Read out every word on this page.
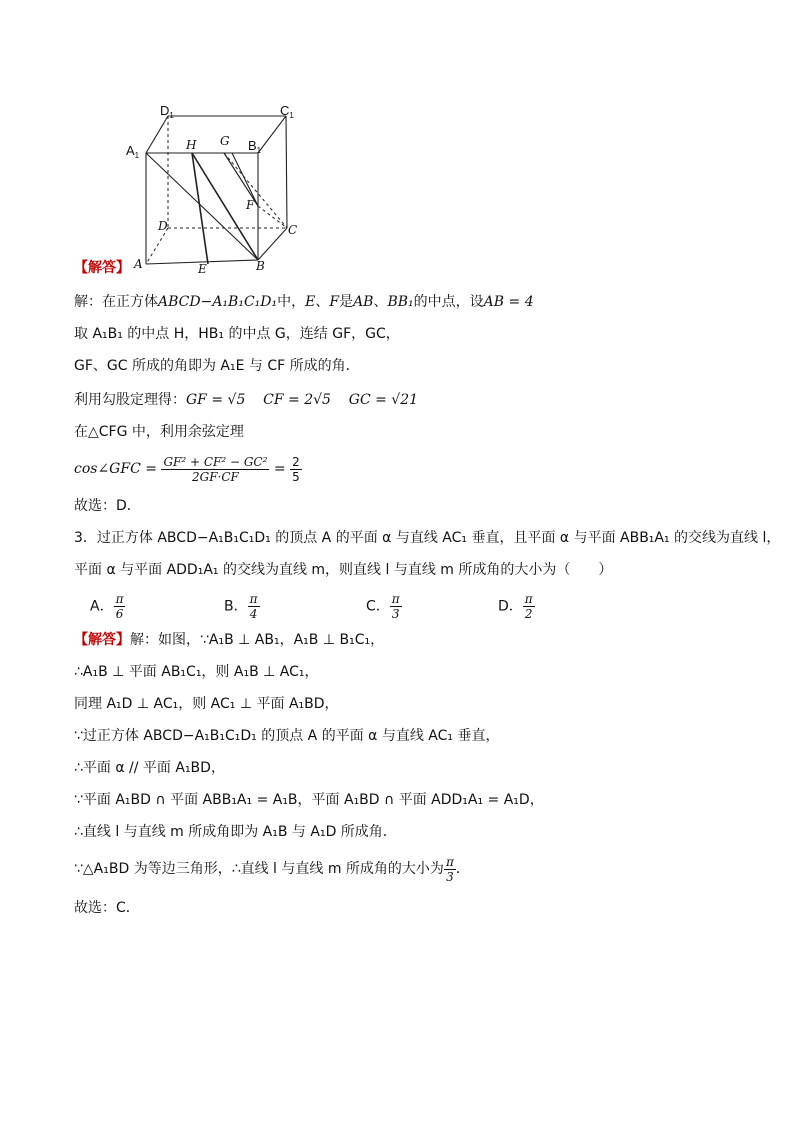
$D_1$	$C_1$
$A_1$
$B_1$
H G
F
D	C
A	B
E
【解答】
解：在正方体ABCD−A₁B₁C₁D₁中，E、F是AB、BB₁的中点，设AB = 4
取 A₁B₁ 的中点 H，HB₁ 的中点 G，连结 GF，GC，
GF、GC 所成的角即为 A₁E 与 CF 所成的角．
利用勾股定理得：GF = √5 CF = 2√5 GC = √21
在△CFG 中，利用余弦定理
cos∠GFC = $\frac{\text{GF² + CF² − GC²}}{2GF\cdot CF} = \frac{2}{5}$
故选：D．
3．过正方体 ABCD−A₁B₁C₁D₁ 的顶点 A 的平面 α 与直线 AC₁ 垂直，且平面 α 与平面 ABB₁A₁ 的交线为直线 l，
平面 α 与平面 ADD₁A₁ 的交线为直线 m，则直线 l 与直线 m 所成角的大小为（　　）
A． $\frac{\pi}{6}$	B． $\frac{\pi}{4}$	C． $\frac{\pi}{3}$	D． $\frac{\pi}{2}$
【解答】解：如图，∵A₁B ⊥ AB₁，A₁B ⊥ B₁C₁，
∴A₁B ⊥ 平面 AB₁C₁，则 A₁B ⊥ AC₁，
同理 A₁D ⊥ AC₁，则 AC₁ ⊥ 平面 A₁BD，
∵过正方体 ABCD−A₁B₁C₁D₁ 的顶点 A 的平面 α 与直线 AC₁ 垂直，
∴平面 α // 平面 A₁BD，
∵平面 A₁BD ∩ 平面 ABB₁A₁ = A₁B，平面 A₁BD ∩ 平面 ADD₁A₁ = A₁D，
∴直线 l 与直线 m 所成角即为 A₁B 与 A₁D 所成角．
∵△A₁BD 为等边三角形，∴直线 l 与直线 m 所成角的大小为 $\frac{\pi}{3}$ ．
故选：C．
